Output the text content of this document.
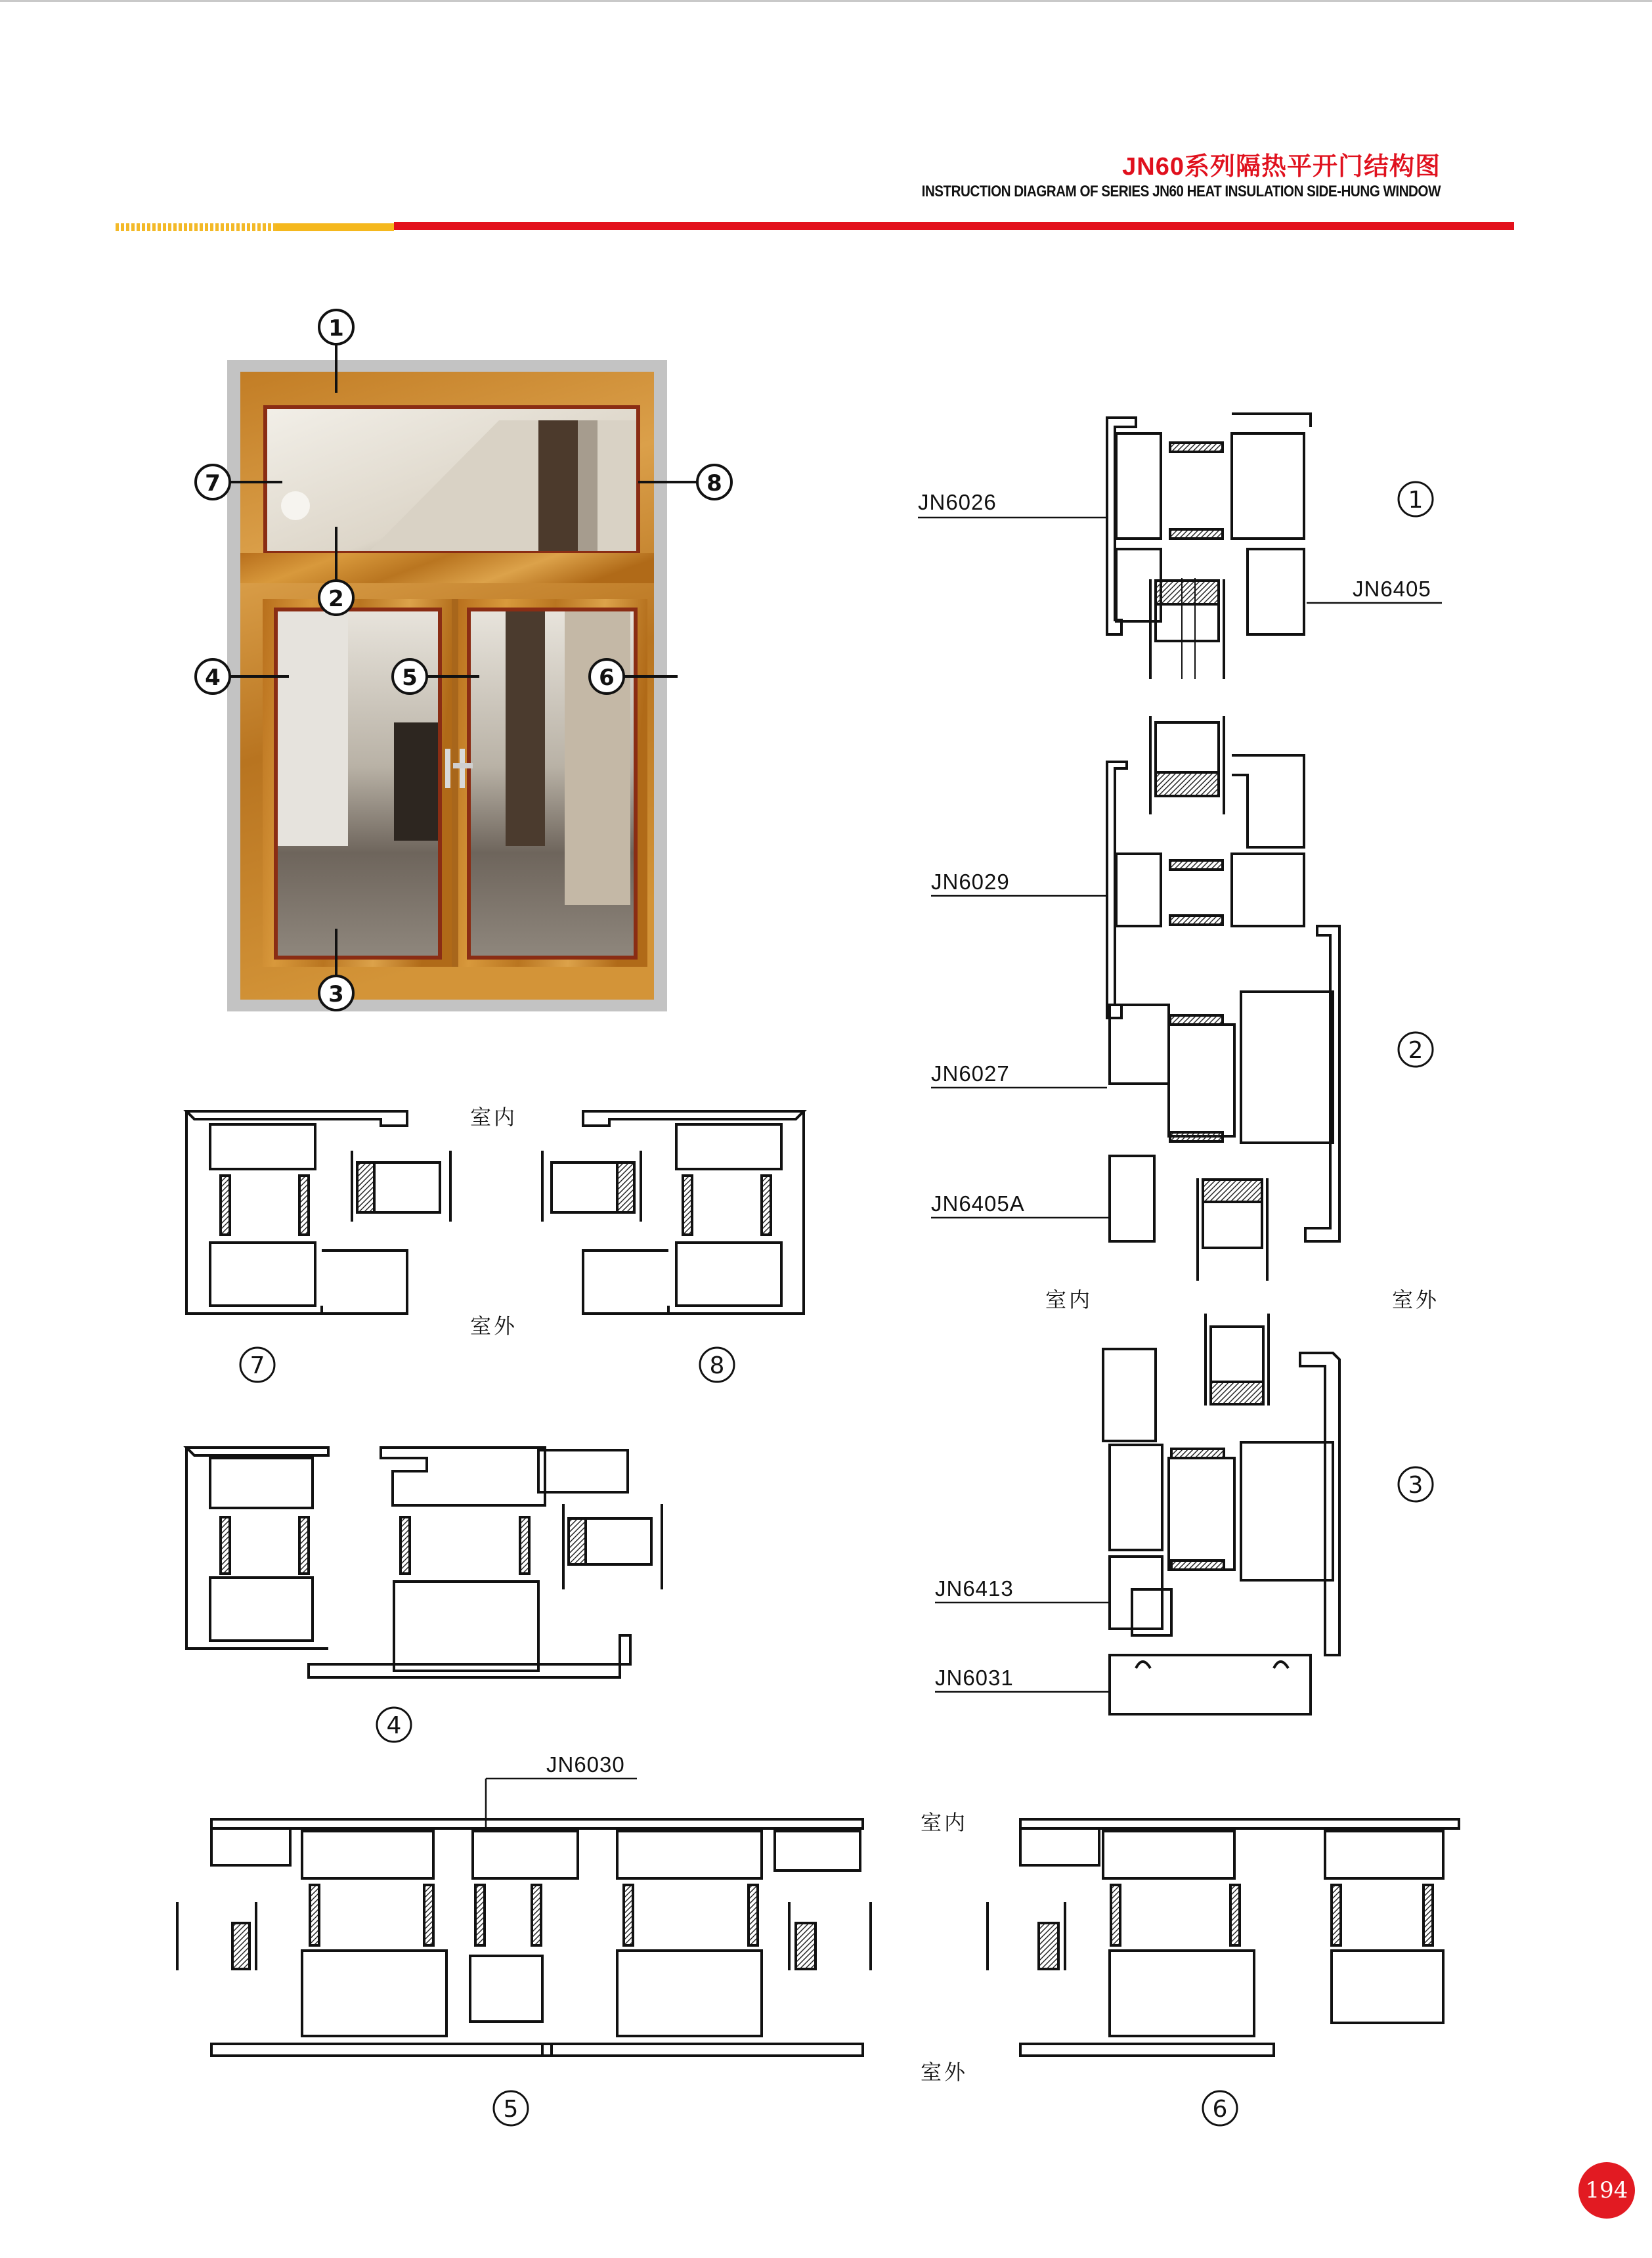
JN60系列隔热平开门结构图
INSTRUCTION DIAGRAM OF SERIES JN60 HEAT INSULATION SIDE-HUNG WINDOW
1
7	8
2
4	5	6
3
JN6026
JN6405
1
JN6029
JN6027
JN6405A
2
室内	室外
JN6413
JN6031
3
室内
室外
7	8
4
JN6030
5
室内
室外
6
194
